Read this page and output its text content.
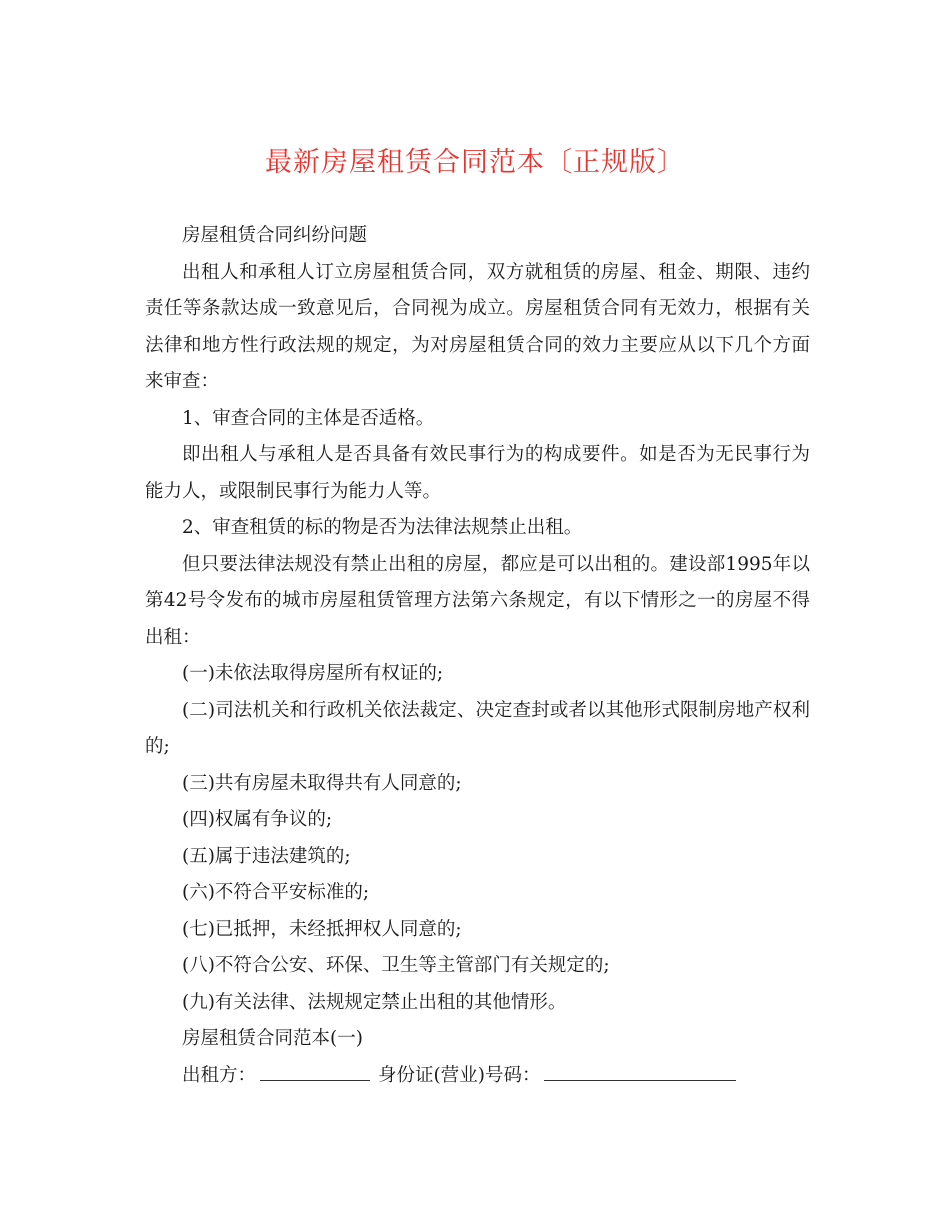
最新房屋租赁合同范本〔正规版〕

房屋租赁合同纠纷问题

出租人和承租人订立房屋租赁合同，双方就租赁的房屋、租金、期限、违约责任等条款达成一致意见后，合同视为成立。房屋租赁合同有无效力，根据有关法律和地方性行政法规的规定，为对房屋租赁合同的效力主要应从以下几个方面来审查：

1、审查合同的主体是否适格。

即出租人与承租人是否具备有效民事行为的构成要件。如是否为无民事行为能力人，或限制民事行为能力人等。

2、审查租赁的标的物是否为法律法规禁止出租。

但只要法律法规没有禁止出租的房屋，都应是可以出租的。建设部1995年以第42号令发布的城市房屋租赁管理方法第六条规定，有以下情形之一的房屋不得出租：

(一)未依法取得房屋所有权证的;

(二)司法机关和行政机关依法裁定、决定查封或者以其他形式限制房地产权利的;

(三)共有房屋未取得共有人同意的;

(四)权属有争议的;

(五)属于违法建筑的;

(六)不符合平安标准的;

(七)已抵押，未经抵押权人同意的;

(八)不符合公安、环保、卫生等主管部门有关规定的;

(九)有关法律、法规规定禁止出租的其他情形。

房屋租赁合同范本(一)

出租方：	身份证(营业)号码：
